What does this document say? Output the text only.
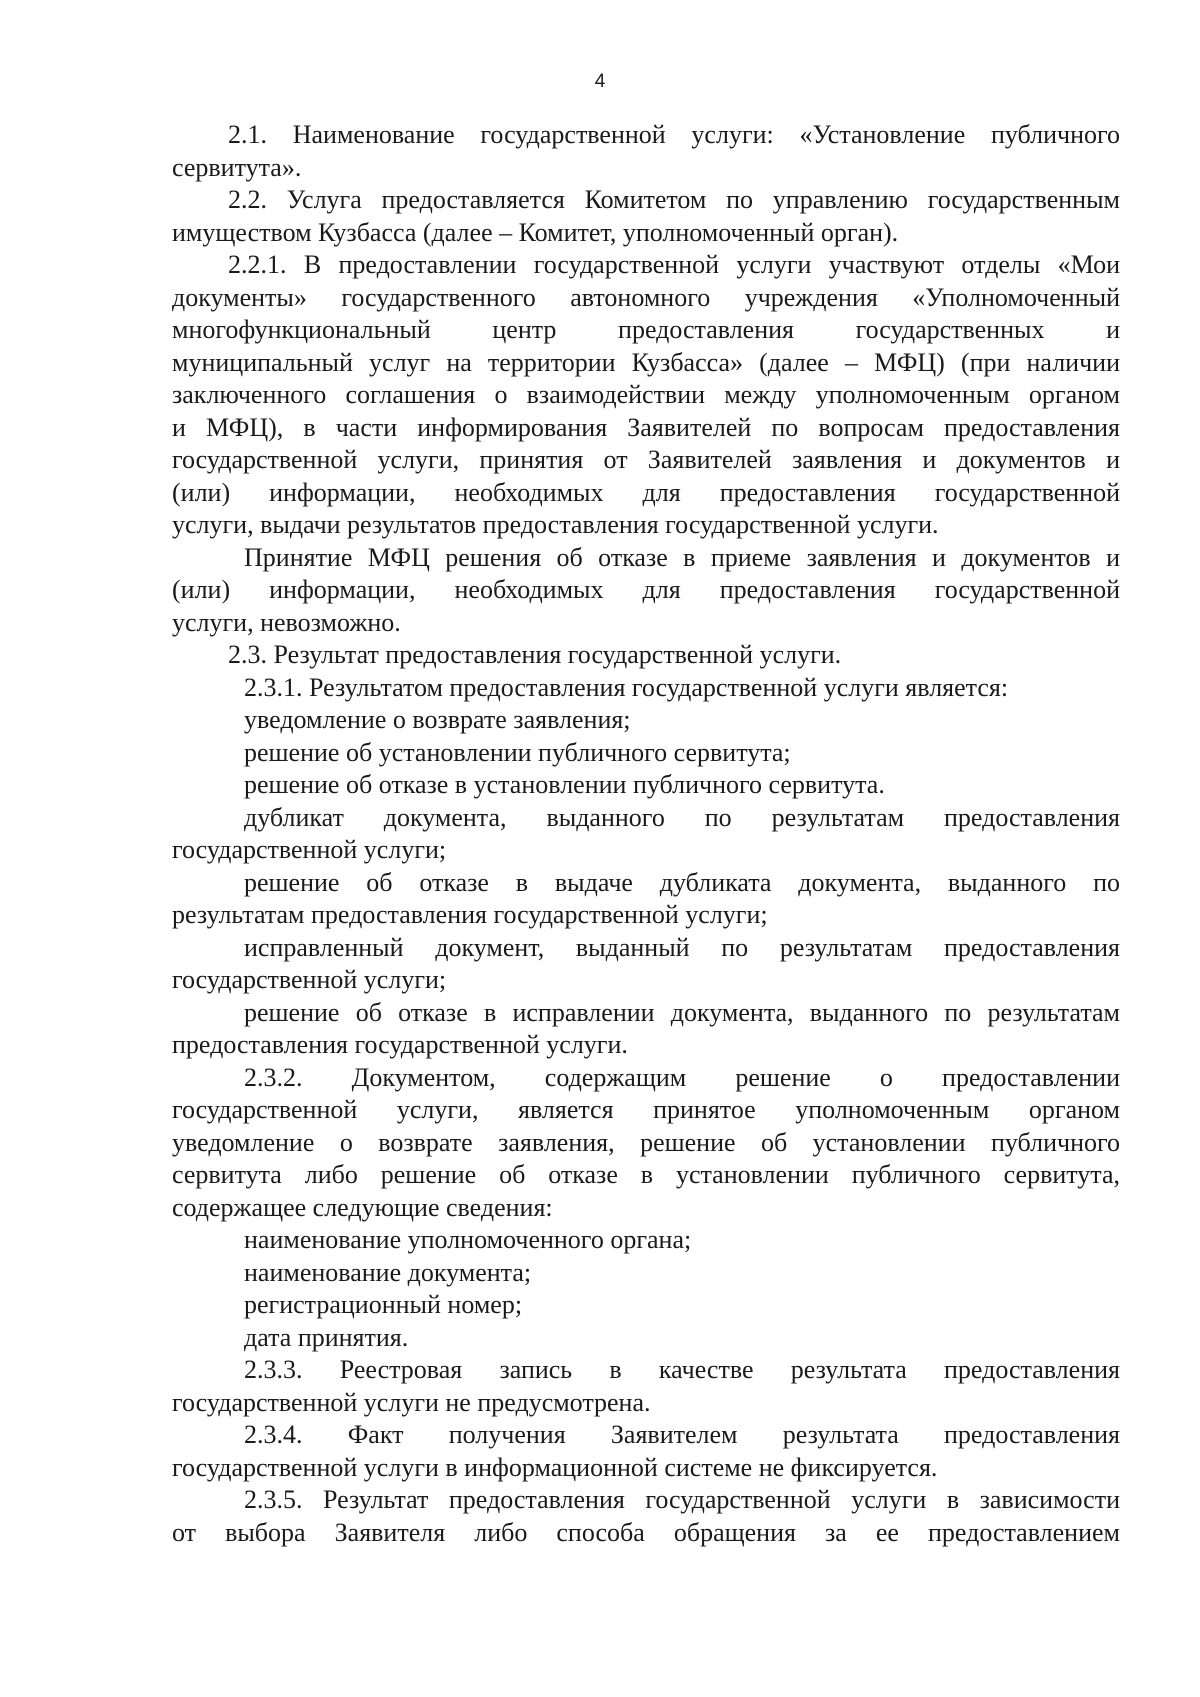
4
2.1. Наименование государственной услуги: «Установление публичного
сервитута».
2.2. Услуга предоставляется Комитетом по управлению государственным
имуществом Кузбасса (далее – Комитет, уполномоченный орган).
2.2.1. В предоставлении государственной услуги участвуют отделы «Мои
документы» государственного автономного учреждения «Уполномоченный
многофункциональный центр предоставления государственных и
муниципальный услуг на территории Кузбасса» (далее – МФЦ) (при наличии
заключенного соглашения о взаимодействии между уполномоченным органом
и МФЦ), в части информирования Заявителей по вопросам предоставления
государственной услуги, принятия от Заявителей заявления и документов и
(или) информации, необходимых для предоставления государственной
услуги, выдачи результатов предоставления государственной услуги.
Принятие МФЦ решения об отказе в приеме заявления и документов и
(или) информации, необходимых для предоставления государственной
услуги, невозможно.
2.3. Результат предоставления государственной услуги.
2.3.1. Результатом предоставления государственной услуги является:
уведомление о возврате заявления;
решение об установлении публичного сервитута;
решение об отказе в установлении публичного сервитута.
дубликат документа, выданного по результатам предоставления
государственной услуги;
решение об отказе в выдаче дубликата документа, выданного по
результатам предоставления государственной услуги;
исправленный документ, выданный по результатам предоставления
государственной услуги;
решение об отказе в исправлении документа, выданного по результатам
предоставления государственной услуги.
2.3.2. Документом, содержащим решение о предоставлении
государственной услуги, является принятое уполномоченным органом
уведомление о возврате заявления, решение об установлении публичного
сервитута либо решение об отказе в установлении публичного сервитута,
содержащее следующие сведения:
наименование уполномоченного органа;
наименование документа;
регистрационный номер;
дата принятия.
2.3.3. Реестровая запись в качестве результата предоставления
государственной услуги не предусмотрена.
2.3.4. Факт получения Заявителем результата предоставления
государственной услуги в информационной системе не фиксируется.
2.3.5. Результат предоставления государственной услуги в зависимости
от выбора Заявителя либо способа обращения за ее предоставлением
